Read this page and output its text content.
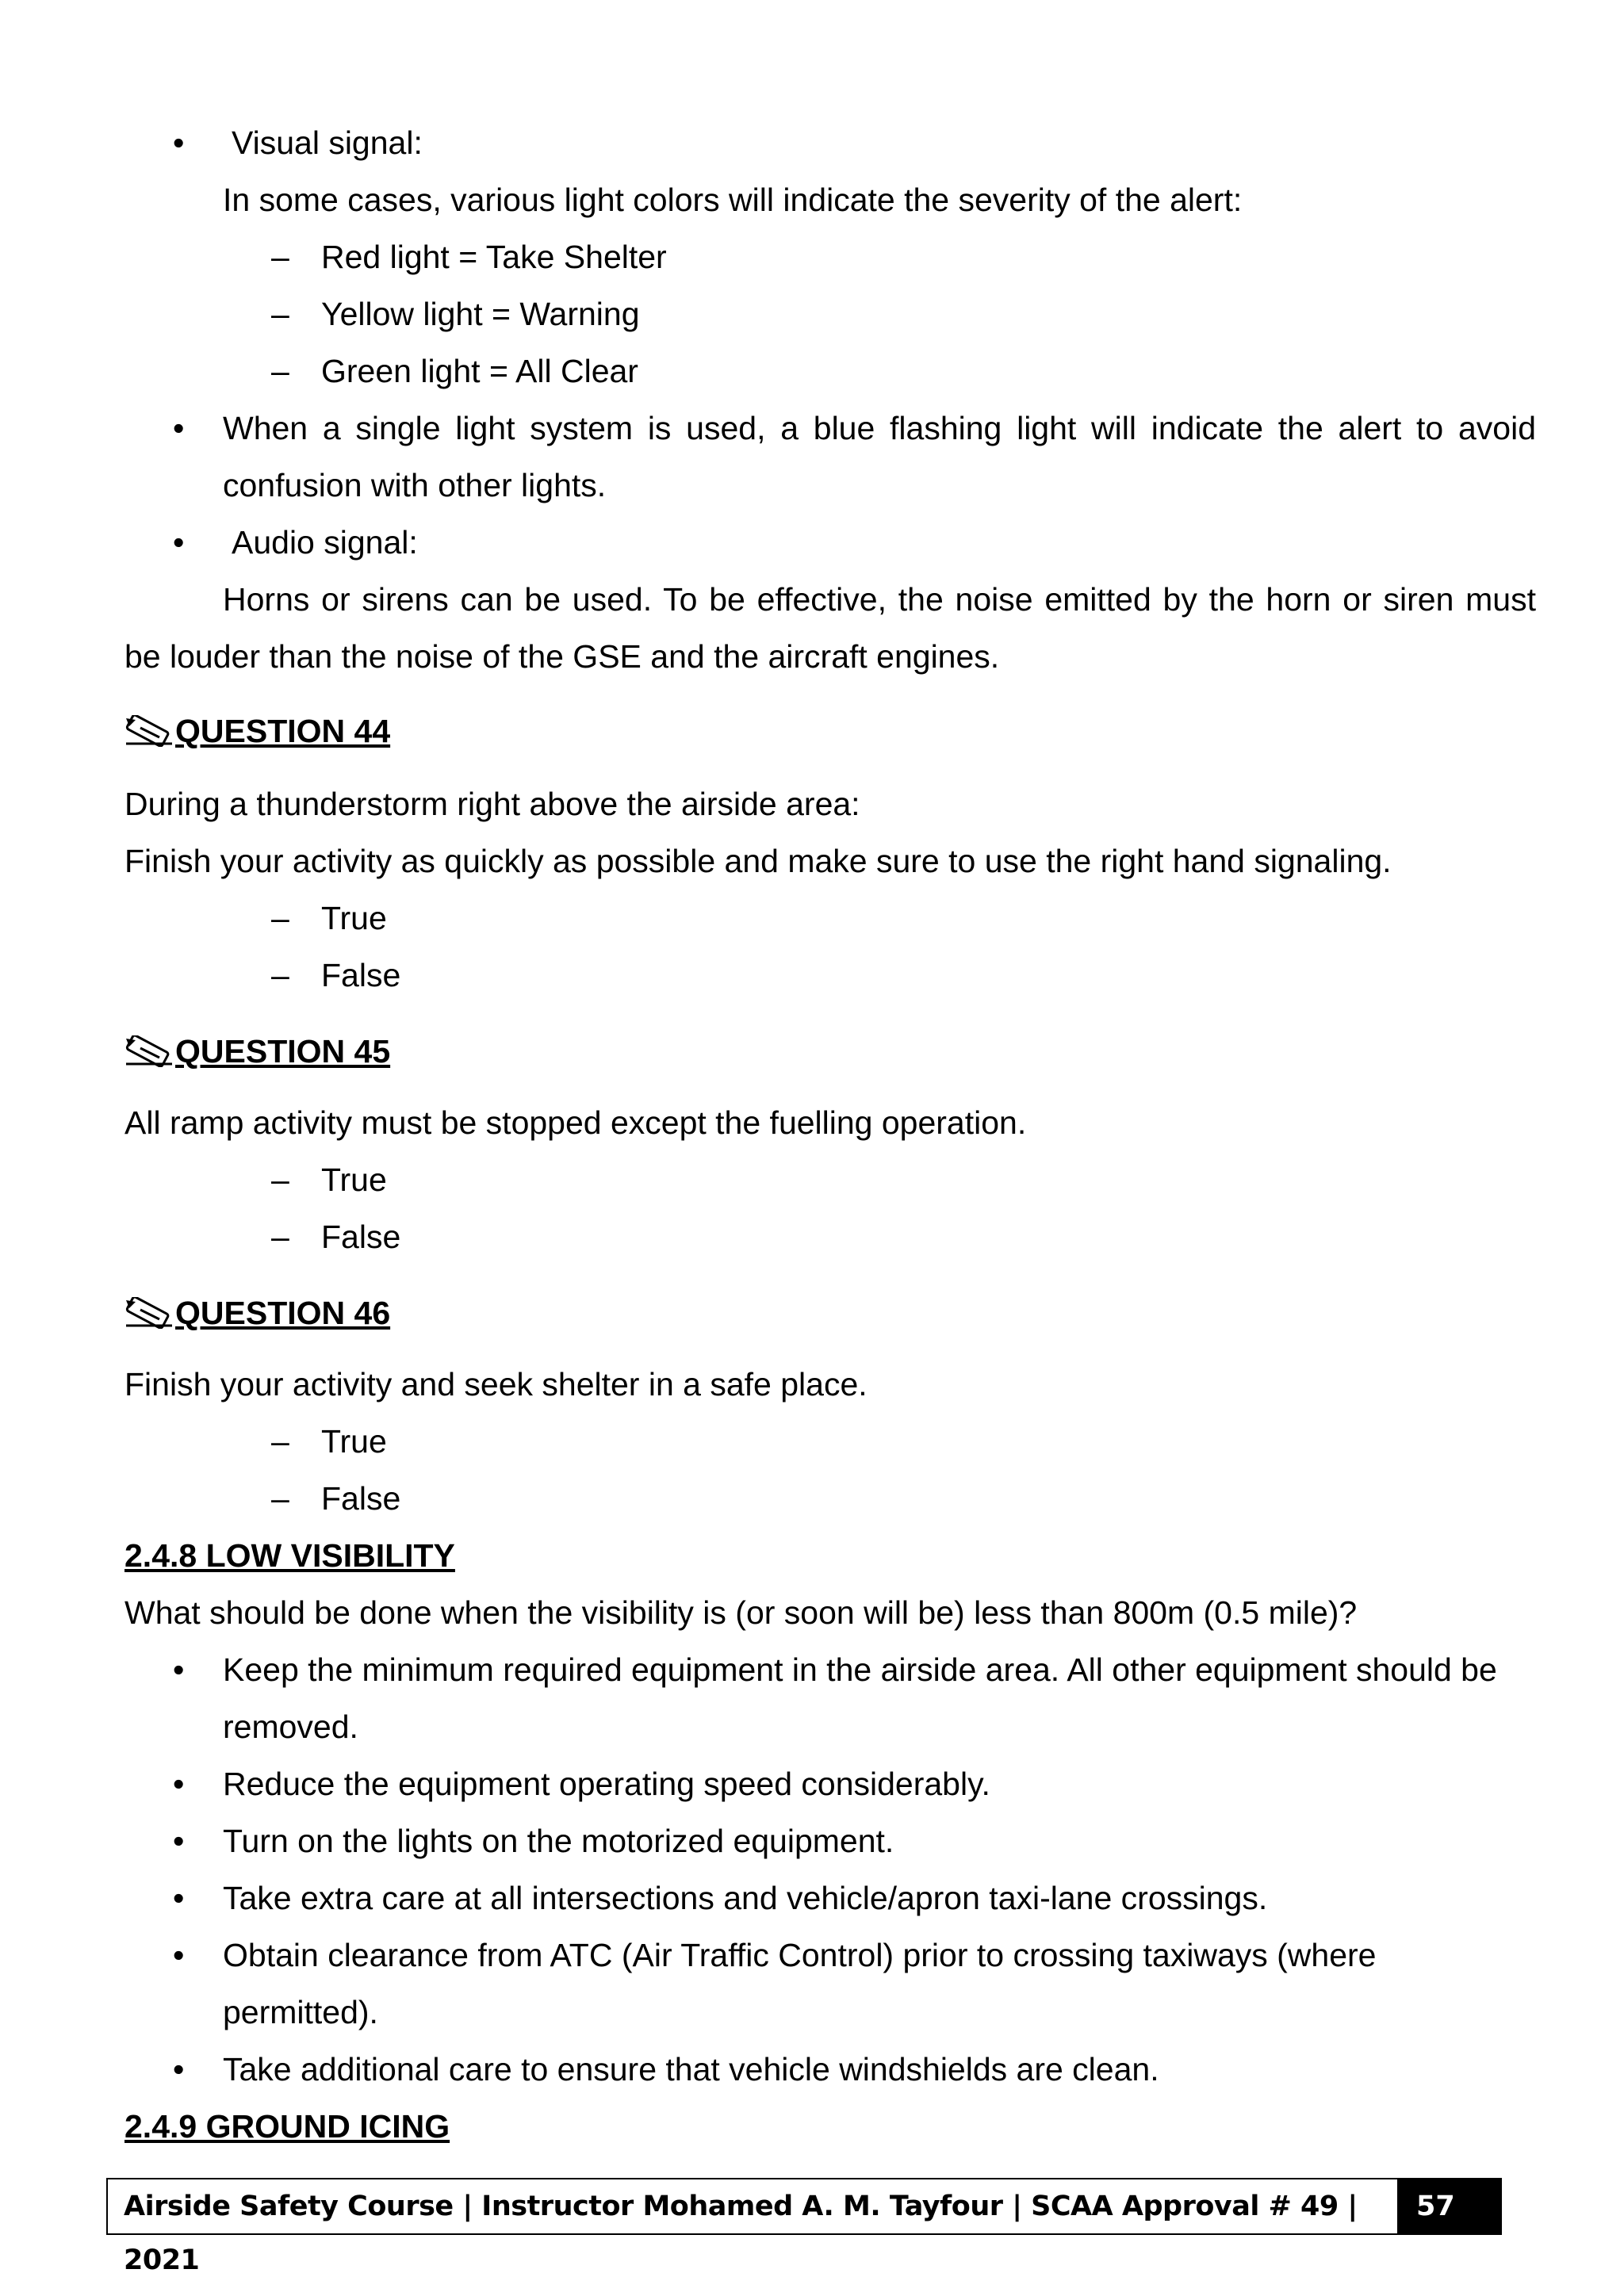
• Visual signal:
In some cases, various light colors will indicate the severity of the alert:
– Red light = Take Shelter
– Yellow light = Warning
– Green light = All Clear
• When a single light system is used, a blue flashing light will indicate the alert to avoid
confusion with other lights.
• Audio signal:
Horns or sirens can be used. To be effective, the noise emitted by the horn or siren must
be louder than the noise of the GSE and the aircraft engines.
QUESTION 44
During a thunderstorm right above the airside area:
Finish your activity as quickly as possible and make sure to use the right hand signaling.
– True
– False
QUESTION 45
All ramp activity must be stopped except the fuelling operation.
– True
– False
QUESTION 46
Finish your activity and seek shelter in a safe place.
– True
– False
2.4.8 LOW VISIBILITY
What should be done when the visibility is (or soon will be) less than 800m (0.5 mile)?
• Keep the minimum required equipment in the airside area. All other equipment should be
removed.
• Reduce the equipment operating speed considerably.
• Turn on the lights on the motorized equipment.
• Take extra care at all intersections and vehicle/apron taxi-lane crossings.
• Obtain clearance from ATC (Air Traffic Control) prior to crossing taxiways (where
permitted).
• Take additional care to ensure that vehicle windshields are clean.
2.4.9 GROUND ICING
Airside Safety Course | Instructor Mohamed A. M. Tayfour | SCAA Approval # 49 | 2021
57
